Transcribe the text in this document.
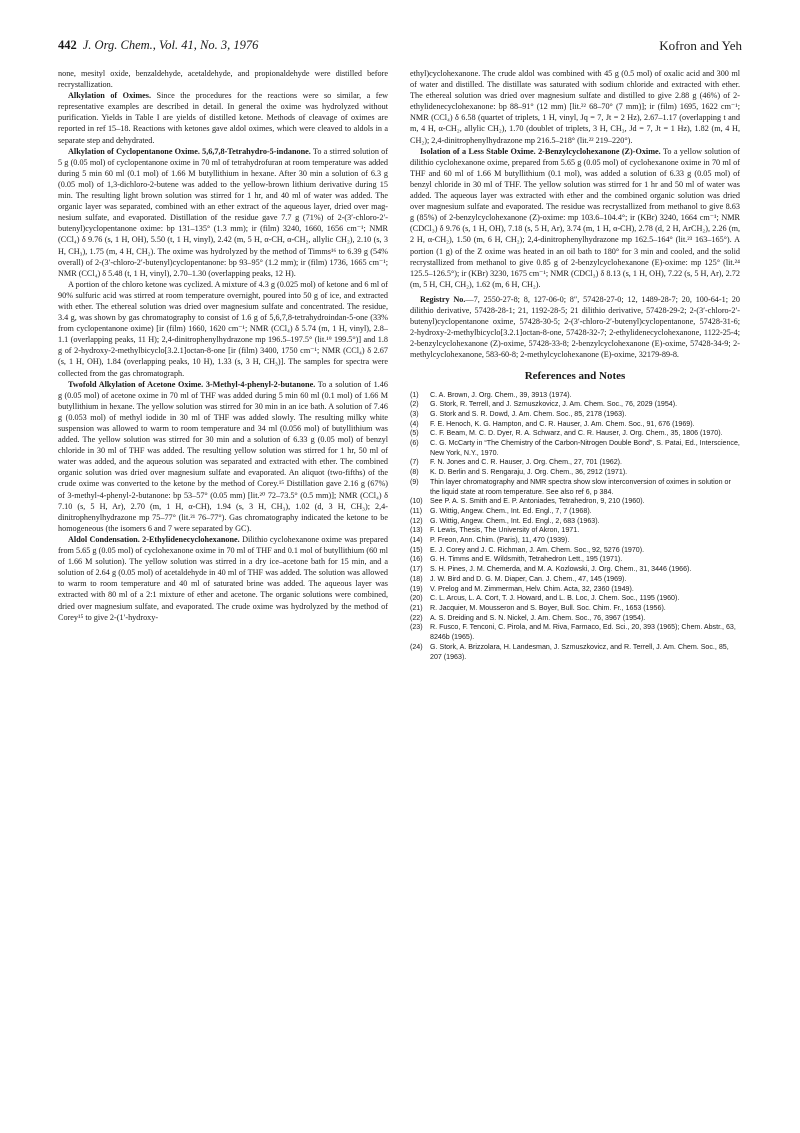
442 J. Org. Chem., Vol. 41, No. 3, 1976	Kofron and Yeh

none, mesityl oxide, benzaldehyde, acetaldehyde, and propionaldehyde were distilled before recrystallization.

Alkylation of Oximes. Since the procedures for the reactions were so similar, a few representative examples are described in detail. In general the oxime was hydrolyzed without purification. Yields in Table I are yields of distilled ketone. Methods of cleavage of oximes are reported in ref 15–18. Reactions with ketones gave aldol oximes, which were cleaved to aldols in a separate step and dehydrated.

Alkylation of Cyclopentanone Oxime. 5,6,7,8-Tetrahydro-5-indanone. To a stirred solution of 5 g (0.05 mol) of cyclopentanone oxime in 70 ml of tetrahydrofuran at room temperature was added during 5 min 60 ml (0.1 mol) of 1.66 M butyllithium in hexane. After 30 min a solution of 6.3 g (0.05 mol) of 1,3-dichloro-2-butene was added to the yellow-brown lithium derivative during 15 min. The resulting light brown solution was stirred for 1 hr, and 40 ml of water was added. The organic layer was separated, combined with an ether extract of the aqueous layer, dried over magnesium sulfate, and evaporated. Distillation of the residue gave 7.7 g (71%) of 2-(3′-chloro-2′-butenyl)cyclopentanone oxime: bp 131–135° (1.3 mm); ir (film) 3240, 1660, 1656 cm⁻¹; NMR (CCl₄) δ 9.76 (s, 1 H, OH), 5.50 (t, 1 H, vinyl), 2.42 (m, 5 H, α-CH, α-CH₂, allylic CH₂), 2.10 (s, 3 H, CH₃), 1.75 (m, 4 H, CH₂). The oxime was hydrolyzed by the method of Timms¹⁶ to 6.39 g (54% overall) of 2-(3′-chloro-2′-butenyl)cyclopentanone: bp 93–95° (1.2 mm); ir (film) 1736, 1665 cm⁻¹; NMR (CCl₄) δ 5.48 (t, 1 H, vinyl), 2.70–1.30 (overlapping peaks, 12 H).

A portion of the chloro ketone was cyclized. A mixture of 4.3 g (0.025 mol) of ketone and 6 ml of 90% sulfuric acid was stirred at room temperature overnight, poured into 50 g of ice, and extracted with ether. The ethereal solution was dried over magnesium sulfate and concentrated. The residue, 3.4 g, was shown by gas chromatography to consist of 1.6 g of 5,6,7,8-tetrahydroindan-5-one (33% from cyclopentanone oxime) [ir (film) 1660, 1620 cm⁻¹; NMR (CCl₄) δ 5.74 (m, 1 H, vinyl), 2.8–1.1 (overlapping peaks, 11 H); 2,4-dinitrophenylhydrazone mp 196.5–197.5° (lit.¹⁹ 199.5°)] and 1.8 g of 2-hydroxy-2-methylbicyclo[3.2.1]octan-8-one [ir (film) 3400, 1750 cm⁻¹; NMR (CCl₄) δ 2.67 (s, 1 H, OH), 1.84 (overlapping peaks, 10 H), 1.33 (s, 3 H, CH₃)]. The samples for spectra were collected from the gas chromatograph.

Twofold Alkylation of Acetone Oxime. 3-Methyl-4-phenyl-2-butanone. To a solution of 1.46 g (0.05 mol) of acetone oxime in 70 ml of THF was added during 5 min 60 ml (0.1 mol) of 1.66 M butyllithium in hexane. The yellow solution was stirred for 30 min in an ice bath. A solution of 7.46 g (0.053 mol) of methyl iodide in 30 ml of THF was added slowly. The resulting milky white suspension was allowed to warm to room temperature and 34 ml (0.056 mol) of butyllithium was added. The yellow solution was stirred for 30 min and a solution of 6.33 g (0.05 mol) of benzyl chloride in 30 ml of THF was added. The resulting yellow solution was stirred for 1 hr, 50 ml of water was added, and the aqueous solution was separated and extracted with ether. The combined organic solution was dried over magnesium sulfate and evaporated. An aliquot (two-fifths) of the crude oxime was converted to the ketone by the method of Corey.¹⁵ Distillation gave 2.16 g (67%) of 3-methyl-4-phenyl-2-butanone: bp 53–57° (0.05 mm) [lit.²⁰ 72–73.5° (0.5 mm)]; NMR (CCl₄) δ 7.10 (s, 5 H, Ar), 2.70 (m, 1 H, α-CH), 1.94 (s, 3 H, CH₃), 1.02 (d, 3 H, CH₃); 2,4-dinitrophenylhydrazone mp 75–77° (lit.²¹ 76–77°). Gas chromatography indicated the ketone to be homogeneous (the isomers 6 and 7 were separated by GC).

Aldol Condensation. 2-Ethylidenecyclohexanone. Dilithio cyclohexanone oxime was prepared from 5.65 g (0.05 mol) of cyclohexanone oxime in 70 ml of THF and 0.1 mol of butyllithium (60 ml of 1.66 M solution). The yellow solution was stirred in a dry ice–acetone bath for 15 min, and a solution of 2.64 g (0.05 mol) of acetaldehyde in 40 ml of THF was added. The solution was allowed to warm to room temperature and 40 ml of saturated brine was added. The aqueous layer was extracted with 80 ml of a 2:1 mixture of ether and acetone. The organic solutions were combined, dried over magnesium sulfate, and evaporated. The crude oxime was hydrolyzed by the method of Corey¹⁵ to give 2-(1′-hydroxy-

ethyl)cyclohexanone. The crude aldol was combined with 45 g (0.5 mol) of oxalic acid and 300 ml of water and distilled. The distillate was saturated with sodium chloride and extracted with ether. The ethereal solution was dried over magnesium sulfate and distilled to give 2.88 g (46%) of 2-ethylidenecyclohexanone: bp 88–91° (12 mm) [lit.²² 68–70° (7 mm)]; ir (film) 1695, 1622 cm⁻¹; NMR (CCl₄) δ 6.58 (quartet of triplets, 1 H, vinyl, Jq = 7, Jt = 2 Hz), 2.67–1.17 (overlapping t and m, 4 H, α-CH₂, allylic CH₂), 1.70 (doublet of triplets, 3 H, CH₃, Jd = 7, Jt = 1 Hz), 1.82 (m, 4 H, CH₂); 2,4-dinitrophenylhydrazone mp 216.5–218° (lit.²² 219–220°).

Isolation of a Less Stable Oxime. 2-Benzylcyclohexanone (Z)-Oxime. To a yellow solution of dilithio cyclohexanone oxime, prepared from 5.65 g (0.05 mol) of cyclohexanone oxime in 70 ml of THF and 60 ml of 1.66 M butyllithium (0.1 mol), was added a solution of 6.33 g (0.05 mol) of benzyl chloride in 30 ml of THF. The yellow solution was stirred for 1 hr and 50 ml of water was added. The aqueous layer was extracted with ether and the combined organic solution was dried over magnesium sulfate and evaporated. The residue was recrystallized from methanol to give 8.63 g (85%) of 2-benzylcyclohexanone (Z)-oxime: mp 103.6–104.4°; ir (KBr) 3240, 1664 cm⁻¹; NMR (CDCl₃) δ 9.76 (s, 1 H, OH), 7.18 (s, 5 H, Ar), 3.74 (m, 1 H, α-CH), 2.78 (d, 2 H, ArCH₂), 2.26 (m, 2 H, α-CH₂), 1.50 (m, 6 H, CH₂); 2,4-dinitrophenylhydrazone mp 162.5–164° (lit.²³ 163–165°). A portion (1 g) of the Z oxime was heated in an oil bath to 180° for 3 min and cooled, and the solid recrystallized from methanol to give 0.85 g of 2-benzylcyclohexanone (E)-oxime: mp 125° (lit.²⁴ 125.5–126.5°); ir (KBr) 3230, 1675 cm⁻¹; NMR (CDCl₃) δ 8.13 (s, 1 H, OH), 7.22 (s, 5 H, Ar), 2.72 (m, 5 H, CH, CH₂), 1.62 (m, 6 H, CH₂).

Registry No.—7, 2550-27-8; 8, 127-06-0; 8″, 57428-27-0; 12, 1489-28-7; 20, 100-64-1; 20 dilithio derivative, 57428-28-1; 21, 1192-28-5; 21 dilithio derivative, 57428-29-2; 2-(3′-chloro-2′-butenyl)cyclopentanone oxime, 57428-30-5; 2-(3′-chloro-2′-butenyl)cyclopentanone, 57428-31-6; 2-hydroxy-2-methylbicyclo[3.2.1]octan-8-one, 57428-32-7; 2-ethylidenecyclohexanone, 1122-25-4; 2-benzylcyclohexanone (Z)-oxime, 57428-33-8; 2-benzylcyclohexanone (E)-oxime, 57428-34-9; 2-methylcyclohexanone, 583-60-8; 2-methylcyclohexanone (E)-oxime, 32179-89-8.

References and Notes
(1) C. A. Brown, J. Org. Chem., 39, 3913 (1974).
(2) G. Stork, R. Terrell, and J. Szmuszkovicz, J. Am. Chem. Soc., 76, 2029 (1954).
(3) G. Stork and S. R. Dowd, J. Am. Chem. Soc., 85, 2178 (1963).
(4) F. E. Henoch, K. G. Hampton, and C. R. Hauser, J. Am. Chem. Soc., 91, 676 (1969).
(5) C. F. Beam, M. C. D. Dyer, R. A. Schwarz, and C. R. Hauser, J. Org. Chem., 35, 1806 (1970).
(6) C. G. McCarty in “The Chemistry of the Carbon-Nitrogen Double Bond”, S. Patai, Ed., Interscience, New York, N.Y., 1970.
(7) F. N. Jones and C. R. Hauser, J. Org. Chem., 27, 701 (1962).
(8) K. D. Berlin and S. Rengaraju, J. Org. Chem., 36, 2912 (1971).
(9) Thin layer chromatography and NMR spectra show slow interconversion of oximes in solution or the liquid state at room temperature. See also ref 6, p 384.
(10) See P. A. S. Smith and E. P. Antoniades, Tetrahedron, 9, 210 (1960).
(11) G. Wittig, Angew. Chem., Int. Ed. Engl., 7, 7 (1968).
(12) G. Wittig, Angew. Chem., Int. Ed. Engl., 2, 683 (1963).
(13) F. Lewis, Thesis, The University of Akron, 1971.
(14) P. Freon, Ann. Chim. (Paris), 11, 470 (1939).
(15) E. J. Corey and J. C. Richman, J. Am. Chem. Soc., 92, 5276 (1970).
(16) G. H. Timms and E. Wildsmith, Tetrahedron Lett., 195 (1971).
(17) S. H. Pines, J. M. Chemerda, and M. A. Kozlowski, J. Org. Chem., 31, 3446 (1966).
(18) J. W. Bird and D. G. M. Diaper, Can. J. Chem., 47, 145 (1969).
(19) V. Prelog and M. Zimmerman, Helv. Chim. Acta, 32, 2360 (1949).
(20) C. L. Arcus, L. A. Cort, T. J. Howard, and L. B. Loc, J. Chem. Soc., 1195 (1960).
(21) R. Jacquier, M. Mousseron and S. Boyer, Bull. Soc. Chim. Fr., 1653 (1956).
(22) A. S. Dreiding and S. N. Nickel, J. Am. Chem. Soc., 76, 3967 (1954).
(23) R. Fusco, F. Tenconi, C. Pirola, and M. Riva, Farmaco, Ed. Sci., 20, 393 (1965); Chem. Abstr., 63, 8246b (1965).
(24) G. Stork, A. Brizzolara, H. Landesman, J. Szmuszkovicz, and R. Terrell, J. Am. Chem. Soc., 85, 207 (1963).
